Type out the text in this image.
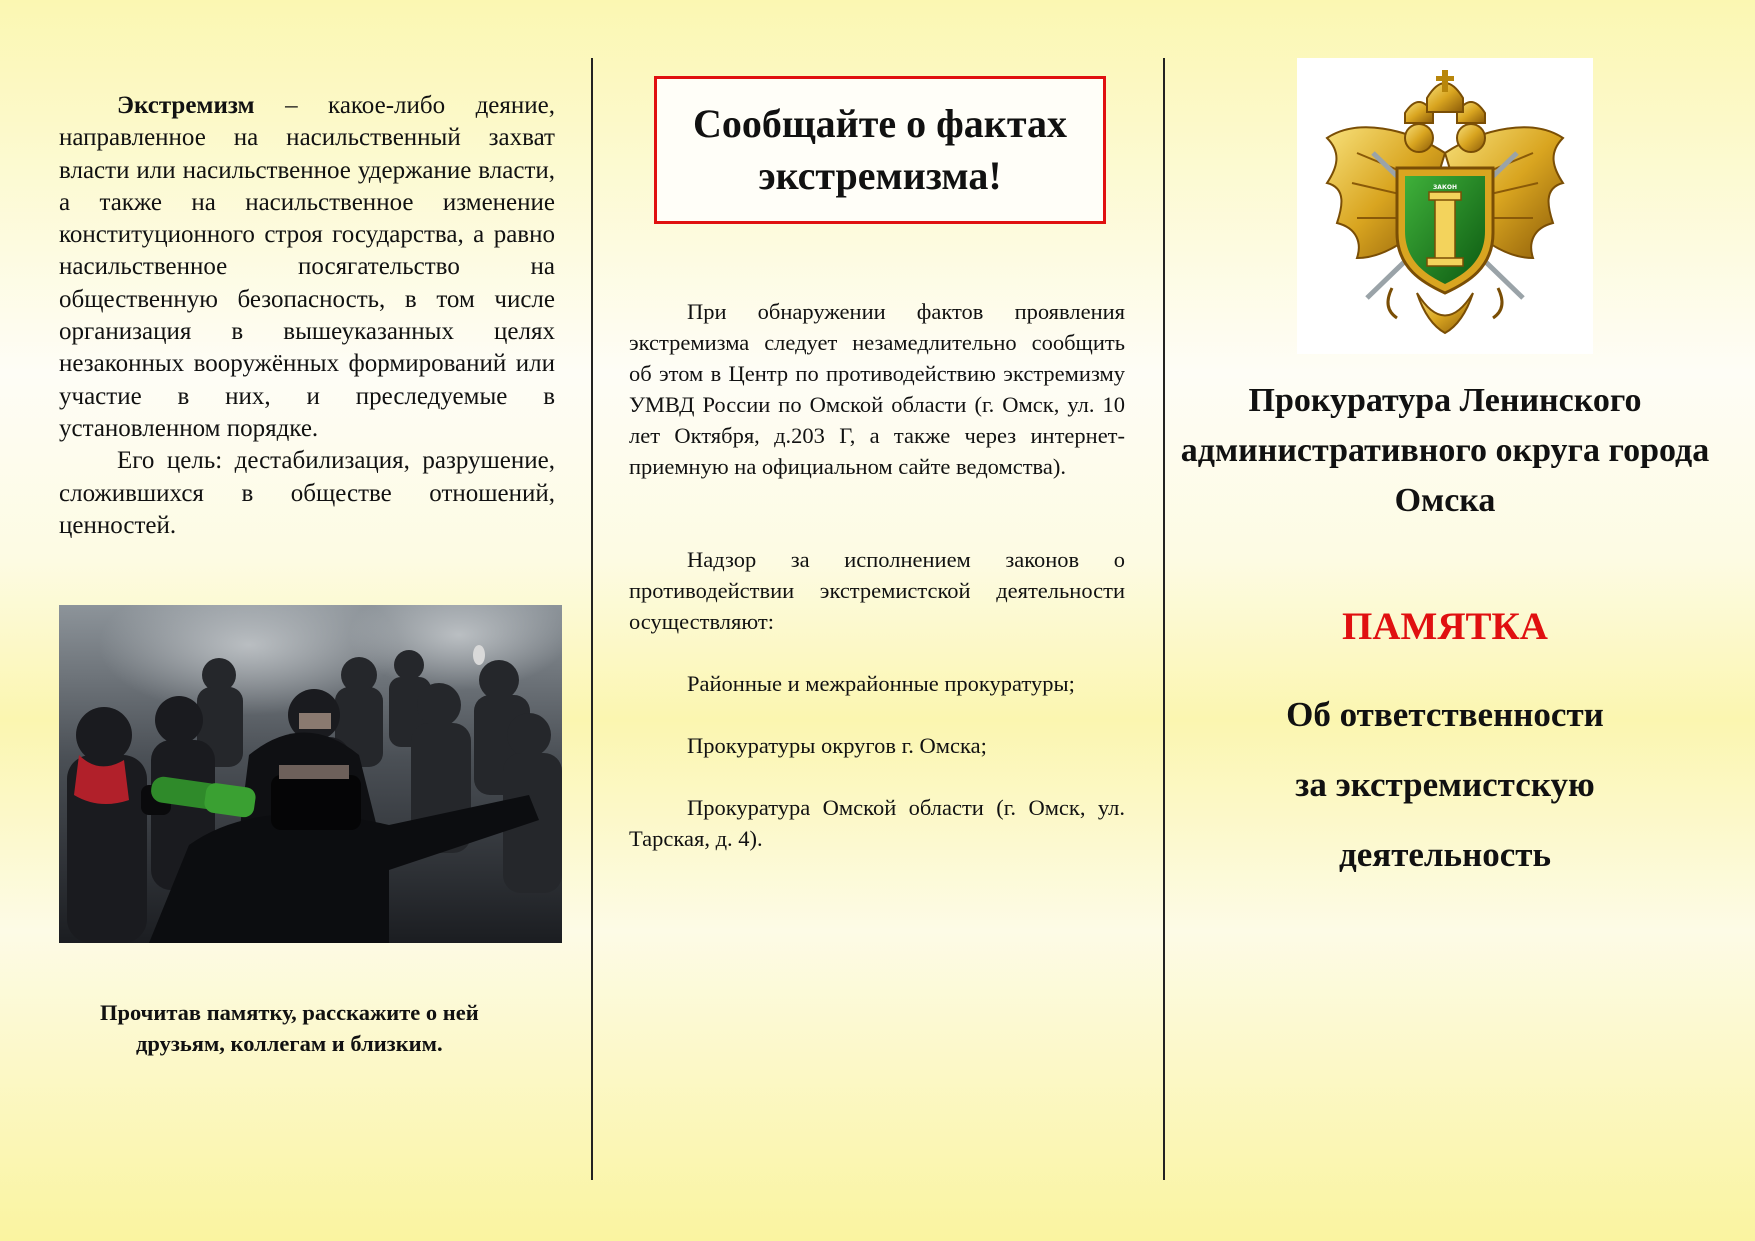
Экстремизм – какое-либо деяние, направленное на насильственный захват власти или насильственное удержание власти, а также на насильственное изменение конституционного строя государства, а равно насильственное посягательство на общественную безопасность, в том числе организация в вышеуказанных целях незаконных вооружённых формирований или участие в них, и преследуемые в установленном порядке.

Его цель: дестабилизация, разрушение, сложившихся в обществе отношений, ценностей.

Прочитав памятку, расскажите о ней
друзьям, коллегам и близким.
Сообщайте о фактах экстремизма!

При обнаружении фактов проявления экстремизма следует незамедлительно сообщить об этом в Центр по противодействию экстремизму УМВД России по Омской области (г. Омск, ул. 10 лет Октября, д.203 Г, а также через интернет-приемную на официальном сайте ведомства).

Надзор за исполнением законов о противодействии экстремистской деятельности осуществляют:

Районные и межрайонные прокуратуры;

Прокуратуры округов г. Омска;

Прокуратура Омской области (г. Омск, ул. Тарская, д. 4).

ЗАКОН
Прокуратура Ленинского административного округа города Омска
ПАМЯТКА
Об ответственности
за экстремистскую
деятельность
